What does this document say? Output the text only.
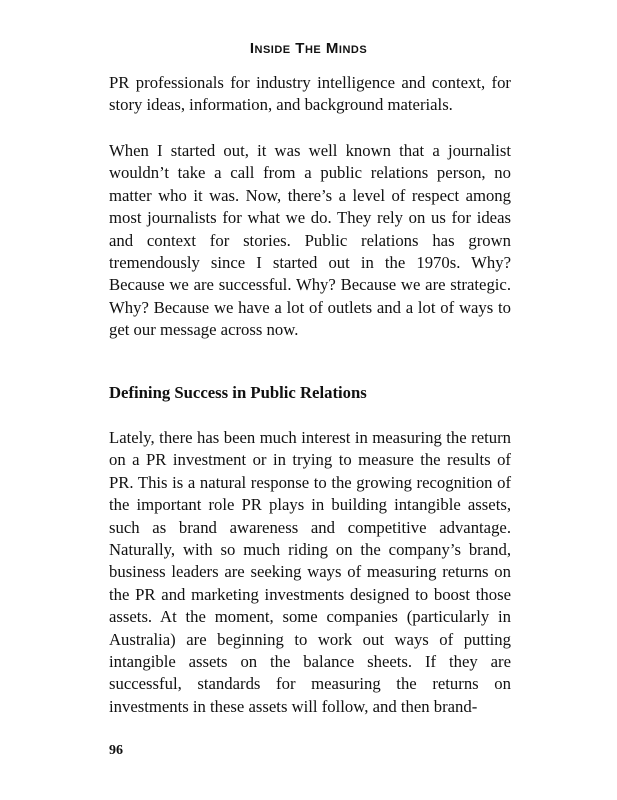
Inside The Minds
PR professionals for industry intelligence and context, for story ideas, information, and background materials.
When I started out, it was well known that a journalist wouldn’t take a call from a public relations person, no matter who it was. Now, there’s a level of respect among most journalists for what we do. They rely on us for ideas and context for stories. Public relations has grown tremendously since I started out in the 1970s. Why? Because we are successful. Why? Because we are strategic. Why? Because we have a lot of outlets and a lot of ways to get our message across now.
Defining Success in Public Relations
Lately, there has been much interest in measuring the return on a PR investment or in trying to measure the results of PR. This is a natural response to the growing recognition of the important role PR plays in building intangible assets, such as brand awareness and competitive advantage. Naturally, with so much riding on the company’s brand, business leaders are seeking ways of measuring returns on the PR and marketing investments designed to boost those assets. At the moment, some companies (particularly in Australia) are beginning to work out ways of putting intangible assets on the balance sheets. If they are successful, standards for measuring the returns on investments in these assets will follow, and then brand-
96
